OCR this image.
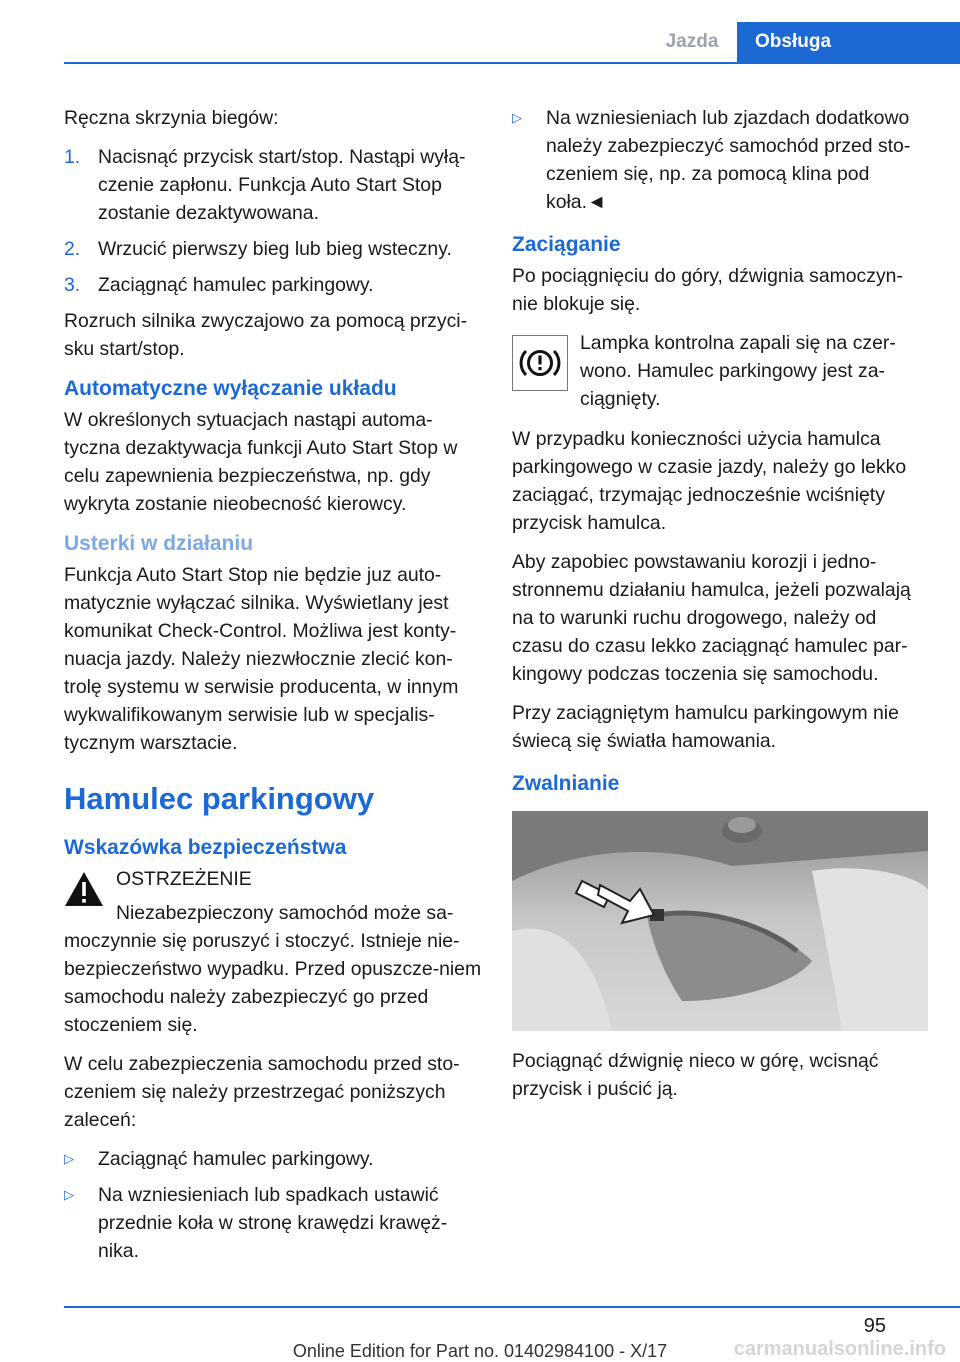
Jazda	Obsługa

Ręczna skrzynia biegów:

1. Nacisnąć przycisk start/stop. Nastąpi wyłą‐czenie zapłonu. Funkcja Auto Start Stop zostanie dezaktywowana.
2. Wrzucić pierwszy bieg lub bieg wsteczny.
3. Zaciągnąć hamulec parkingowy.

Rozruch silnika zwyczajowo za pomocą przyci‐sku start/stop.

Automatyczne wyłączanie układu

W określonych sytuacjach nastąpi automa‐tyczna dezaktywacja funkcji Auto Start Stop w celu zapewnienia bezpieczeństwa, np. gdy wykryta zostanie nieobecność kierowcy.

Usterki w działaniu

Funkcja Auto Start Stop nie będzie juz auto‐matycznie wyłączać silnika. Wyświetlany jest komunikat Check-Control. Możliwa jest konty‐nuacja jazdy. Należy niezwłocznie zlecić kon‐trolę systemu w serwisie producenta, w innym wykwalifikowanym serwisie lub w specjalis‐tycznym warsztacie.

Hamulec parkingowy
Wskazówka bezpieczeństwa

OSTRZEŻENIE

Niezabezpieczony samochód może sa‐moczynnie się poruszyć i stoczyć. Istnieje nie‐bezpieczeństwo wypadku. Przed opuszcze‐niem samochodu należy zabezpieczyć go przed stoczeniem się.

W celu zabezpieczenia samochodu przed sto‐czeniem się należy przestrzegać poniższych zaleceń:

▷	Zaciągnąć hamulec parkingowy.
▷	Na wzniesieniach lub spadkach ustawić przednie koła w stronę krawędzi krawęż‐nika.
▷	Na wzniesieniach lub zjazdach dodatkowo należy zabezpieczyć samochód przed sto‐czeniem się, np. za pomocą klina pod koła.◄
Zaciąganie

Po pociągnięciu do góry, dźwignia samoczyn‐nie blokuje się.

Lampka kontrolna zapali się na czer‐wono. Hamulec parkingowy jest za‐ciągnięty.

W przypadku konieczności użycia hamulca parkingowego w czasie jazdy, należy go lekko zaciągać, trzymając jednocześnie wciśnięty przycisk hamulca.

Aby zapobiec powstawaniu korozji i jedno‐stronnemu działaniu hamulca, jeżeli pozwalają na to warunki ruchu drogowego, należy od czasu do czasu lekko zaciągnąć hamulec par‐kingowy podczas toczenia się samochodu.

Przy zaciągniętym hamulcu parkingowym nie świecą się światła hamowania.

Zwalnianie

Pociągnąć dźwignię nieco w górę, wcisnąć przycisk i puścić ją.

95
Online Edition for Part no. 01402984100 - X/17	carmanualsonline.info
